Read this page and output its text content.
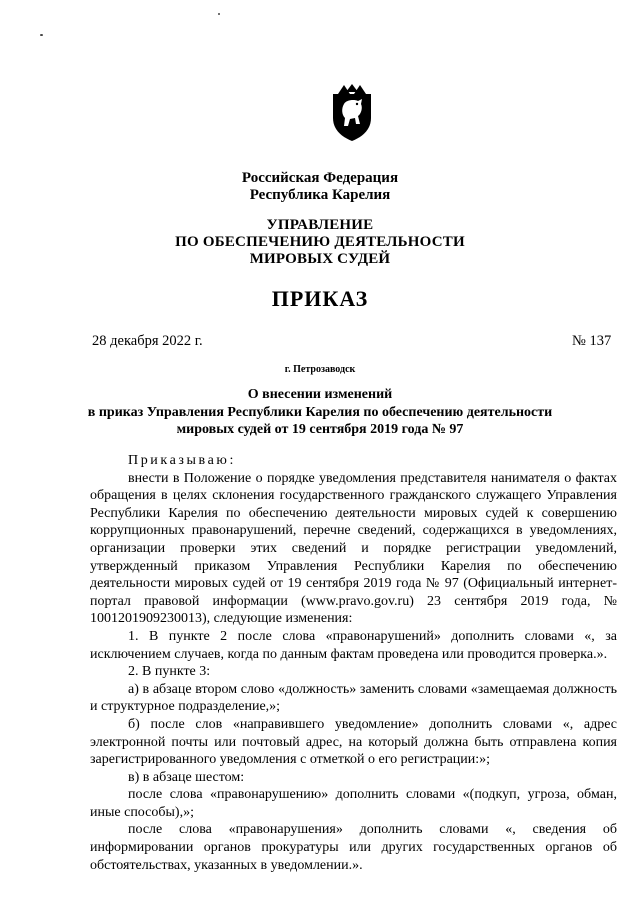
Российская Федерация
Республика Карелия
УПРАВЛЕНИЕ
ПО ОБЕСПЕЧЕНИЮ ДЕЯТЕЛЬНОСТИ
МИРОВЫХ СУДЕЙ
ПРИКАЗ
28 декабря 2022 г.	№ 137
г. Петрозаводск
О внесении изменений
в приказ Управления Республики Карелия по обеспечению деятельности
мировых судей от 19 сентября 2019 года № 97

Приказываю:

внести в Положение о порядке уведомления представителя нанимателя о фактах обращения в целях склонения государственного гражданского служащего Управления Республики Карелия по обеспечению деятельности мировых судей к совершению коррупционных правонарушений, перечне сведений, содержащихся в уведомлениях, организации проверки этих сведений и порядке регистрации уведомлений, утвержденный приказом Управления Республики Карелия по обеспечению деятельности мировых судей от 19 сентября 2019 года № 97 (Официальный интернет-портал правовой информации (www.pravo.gov.ru) 23 сентября 2019 года, № 1001201909230013), следующие изменения:

1. В пункте 2 после слова «правонарушений» дополнить словами «, за исключением случаев, когда по данным фактам проведена или проводится проверка.».

2. В пункте 3:

а) в абзаце втором слово «должность» заменить словами «замещаемая должность и структурное подразделение,»;

б) после слов «направившего уведомление» дополнить словами «, адрес электронной почты или почтовый адрес, на который должна быть отправлена копия зарегистрированного уведомления с отметкой о его регистрации:»;

в) в абзаце шестом:

после слова «правонарушению» дополнить словами «(подкуп, угроза, обман, иные способы),»;

после слова «правонарушения» дополнить словами «, сведения об информировании органов прокуратуры или других государственных органов об обстоятельствах, указанных в уведомлении.».
